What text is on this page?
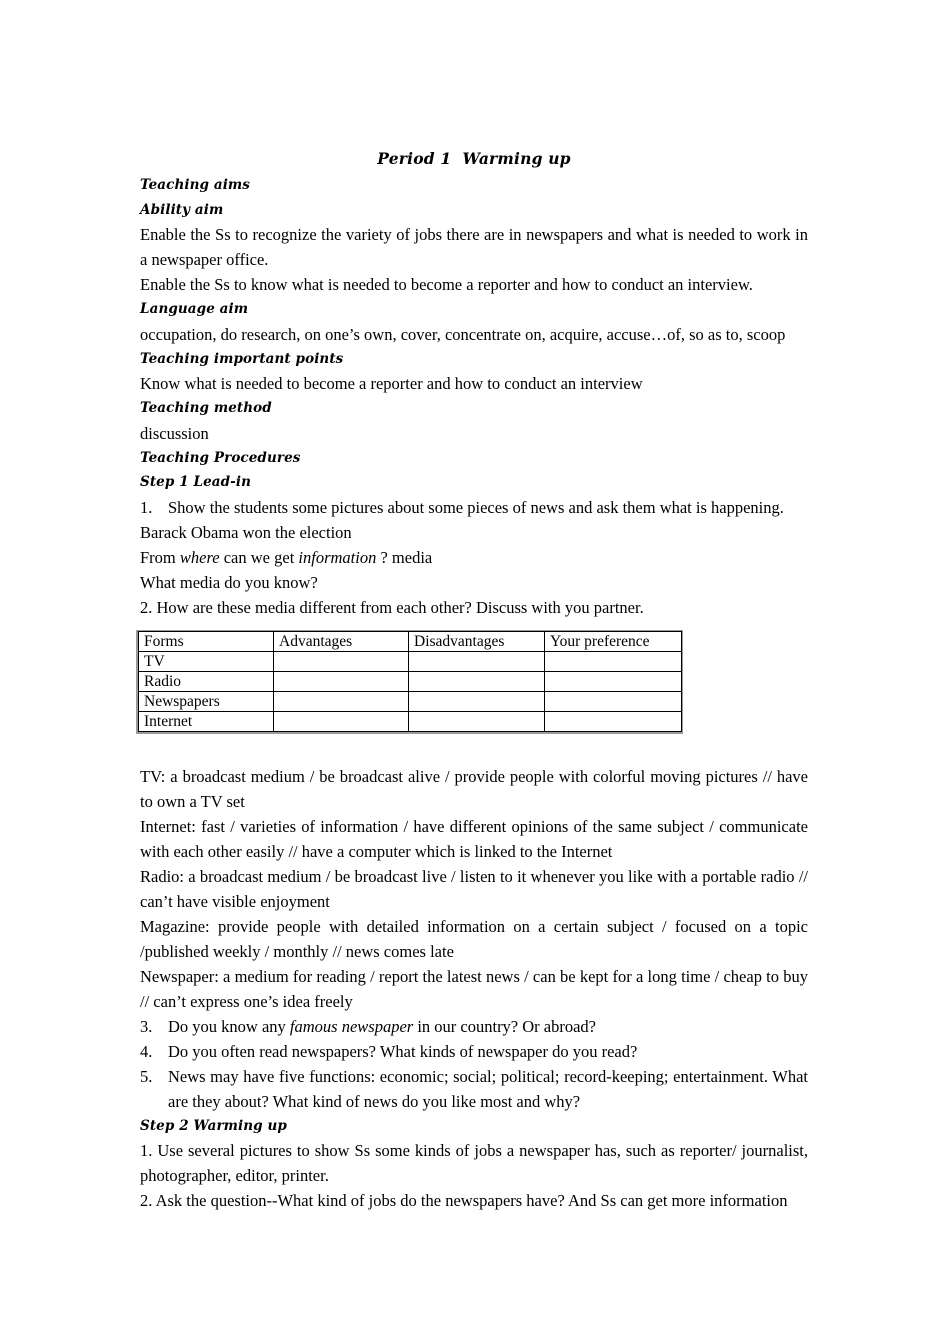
Period 1  Warming up
Teaching aims
Ability aim
Enable the Ss to recognize the variety of jobs there are in newspapers and what is needed to work in a newspaper office.
Enable the Ss to know what is needed to become a reporter and how to conduct an interview.
Language aim
occupation, do research, on one’s own, cover, concentrate on, acquire, accuse…of, so as to, scoop
Teaching important points
Know what is needed to become a reporter and how to conduct an interview
Teaching method
discussion
Teaching Procedures
Step 1 Lead-in
1. Show the students some pictures about some pieces of news and ask them what is happening.
Barack Obama won the election
From where can we get information ? media
What media do you know?
2. How are these media different from each other? Discuss with you partner.
Forms	Advantages	Disadvantages	Your preference
TV			
Radio			
Newspapers			
Internet			
TV: a broadcast medium / be broadcast alive / provide people with colorful moving pictures // have to own a TV set
Internet: fast / varieties of information / have different opinions of the same subject / communicate with each other easily // have a computer which is linked to the Internet
Radio: a broadcast medium / be broadcast live / listen to it whenever you like with a portable radio // can’t have visible enjoyment
Magazine: provide people with detailed information on a certain subject / focused on a topic /published weekly / monthly // news comes late
Newspaper: a medium for reading / report the latest news / can be kept for a long time / cheap to buy // can’t express one’s idea freely
3. Do you know any famous newspaper in our country? Or abroad?
4. Do you often read newspapers? What kinds of newspaper do you read?
5. News may have five functions: economic; social; political; record-keeping; entertainment. What are they about? What kind of news do you like most and why?
Step 2 Warming up
1. Use several pictures to show Ss some kinds of jobs a newspaper has, such as reporter/ journalist, photographer, editor, printer.
2. Ask the question--What kind of jobs do the newspapers have? And Ss can get more information
